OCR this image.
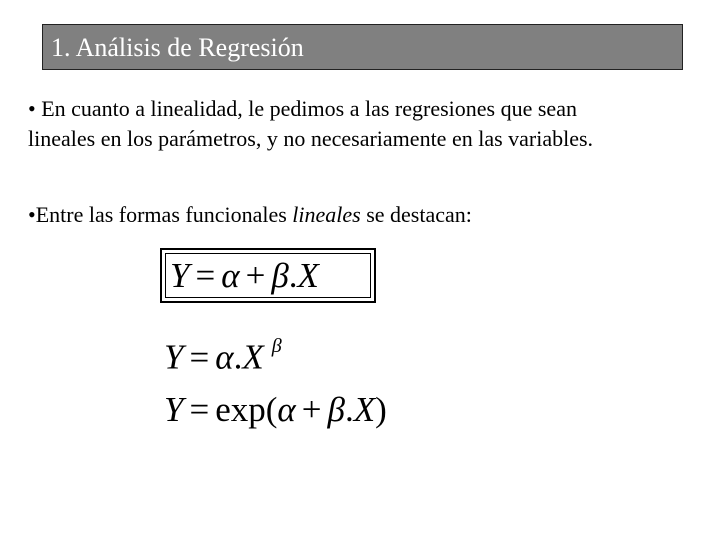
1. Análisis de Regresión
• En cuanto a linealidad, le pedimos a las regresiones que sean
lineales en los parámetros, y no necesariamente en las variables.
•Entre las formas funcionales lineales se destacan:
Y = α + β.X
Y = α.X $^\beta$
Y = exp(α + β.X)
